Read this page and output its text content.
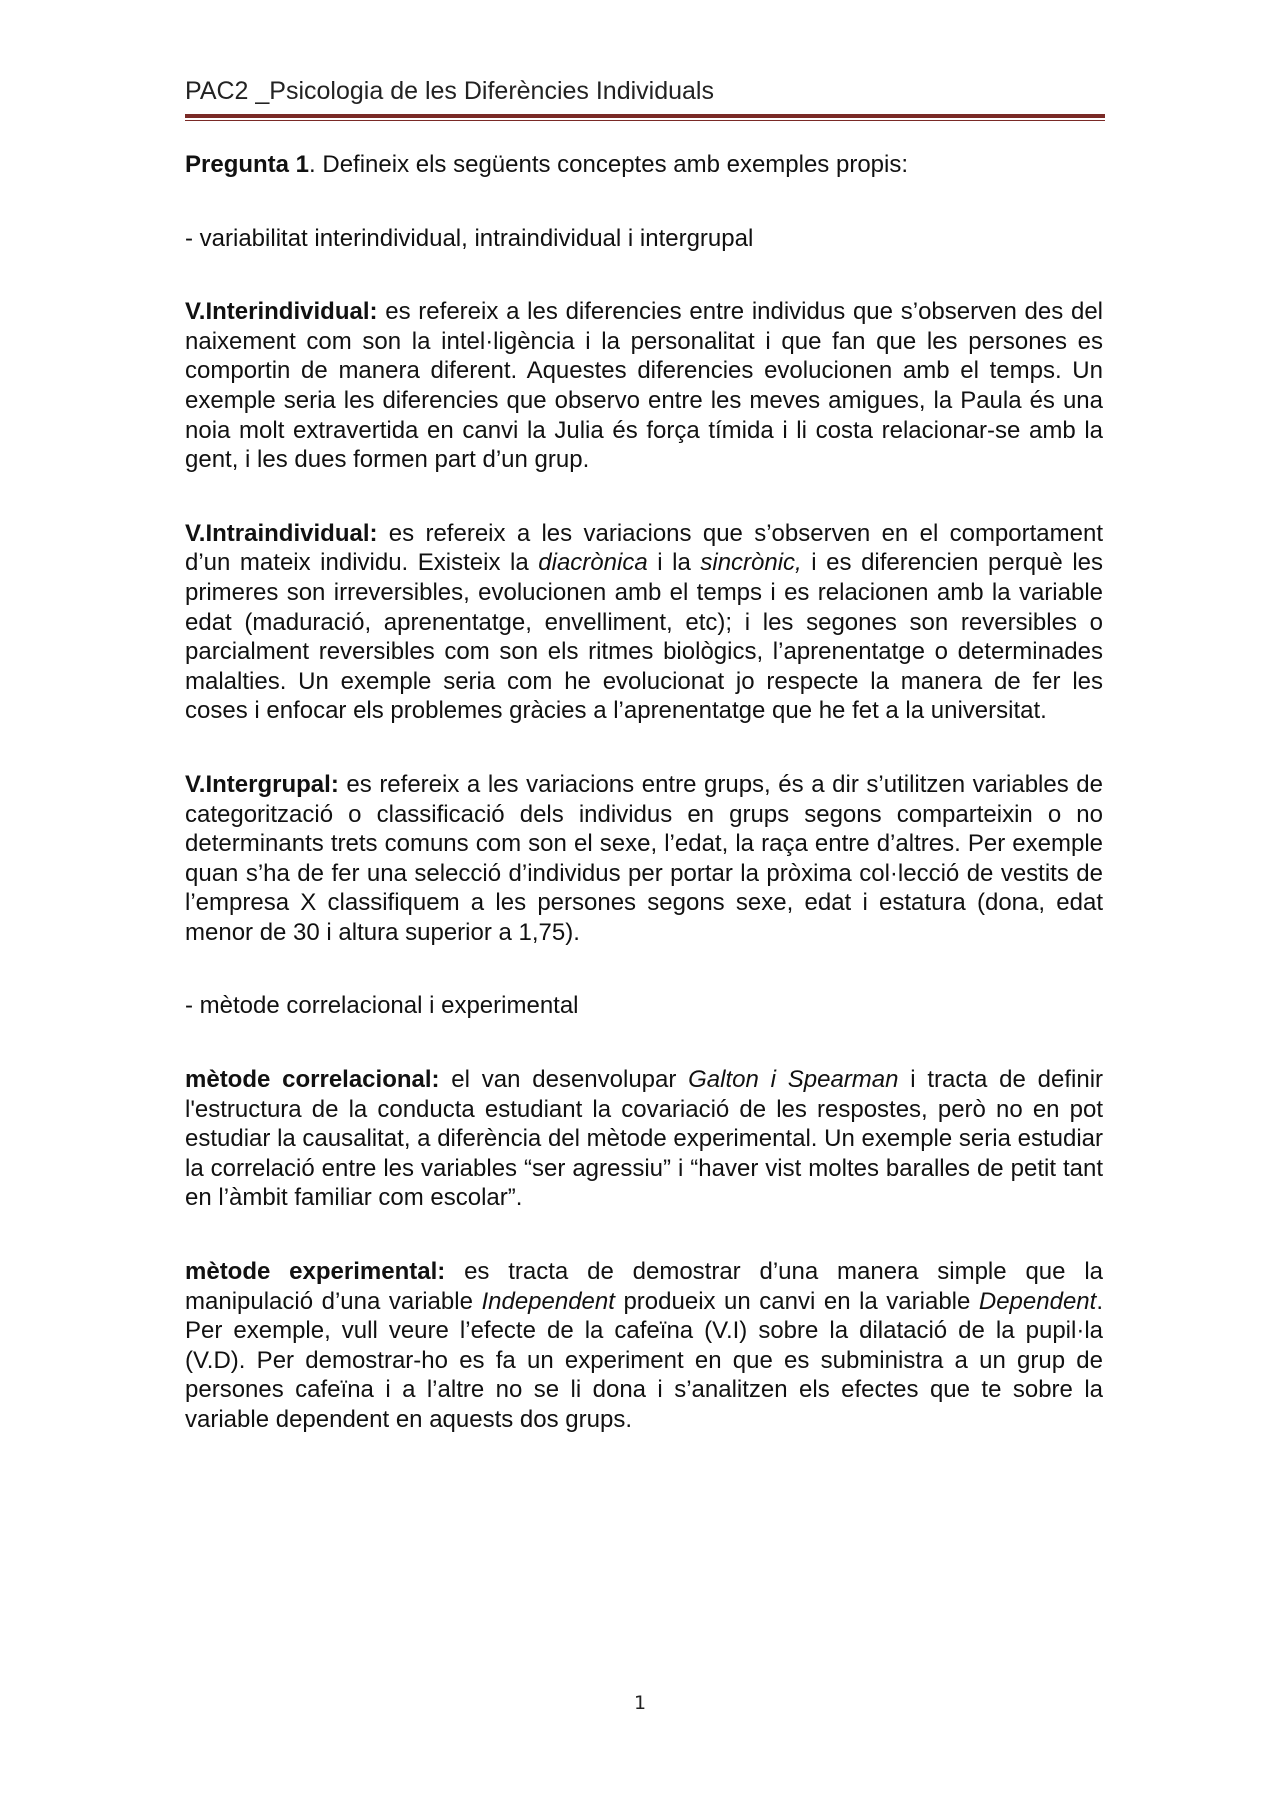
PAC2 _Psicologia de les Diferències Individuals

Pregunta 1. Defineix els següents conceptes amb exemples propis:

- variabilitat interindividual, intraindividual i intergrupal

V.Interindividual: es refereix a les diferencies entre individus que s’observen des del naixement com son la intel·ligència i la personalitat i que fan que les persones es comportin de manera diferent. Aquestes diferencies evolucionen amb el temps. Un exemple seria les diferencies que observo entre les meves amigues, la Paula és una noia molt extravertida en canvi la Julia és força tímida i li costa relacionar-se amb la gent, i les dues formen part d’un grup.

V.Intraindividual: es refereix a les variacions que s’observen en el comportament d’un mateix individu. Existeix la diacrònica i la sincrònic, i es diferencien perquè les primeres son irreversibles, evolucionen amb el temps i es relacionen amb la variable edat (maduració, aprenentatge, envelliment, etc); i les segones son reversibles o parcialment reversibles com son els ritmes biològics, l’aprenentatge o determinades malalties. Un exemple seria com he evolucionat jo respecte la manera de fer les coses i enfocar els problemes gràcies a l’aprenentatge que he fet a la universitat.

V.Intergrupal: es refereix a les variacions entre grups, és a dir s’utilitzen variables de categorització o classificació dels individus en grups segons comparteixin o no determinants trets comuns com son el sexe, l’edat, la raça entre d’altres. Per exemple quan s’ha de fer una selecció d’individus per portar la pròxima col·lecció de vestits de l’empresa X classifiquem a les persones segons sexe, edat i estatura (dona, edat menor de 30 i altura superior a 1,75).

- mètode correlacional i experimental

mètode correlacional: el van desenvolupar Galton i Spearman i tracta de definir l'estructura de la conducta estudiant la covariació de les respostes, però no en pot estudiar la causalitat, a diferència del mètode experimental. Un exemple seria estudiar la correlació entre les variables “ser agressiu” i “haver vist moltes baralles de petit tant en l’àmbit familiar com escolar”.

mètode experimental: es tracta de demostrar d’una manera simple que la manipulació d’una variable Independent produeix un canvi en la variable Dependent. Per exemple, vull veure l’efecte de la cafeïna (V.I) sobre la dilatació de la pupil·la (V.D). Per demostrar-ho es fa un experiment en que es subministra a un grup de persones cafeïna i a l’altre no se li dona i s’analitzen els efectes que te sobre la variable dependent en aquests dos grups.

1
